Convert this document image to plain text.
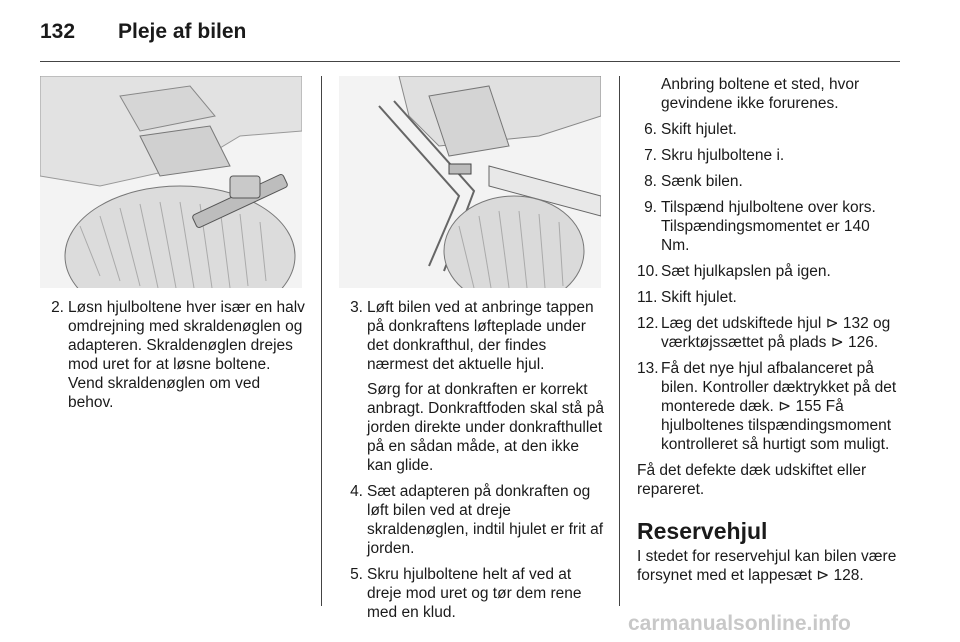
132 Pleje af bilen
2. Løsn hjulboltene hver især en halv omdrejning med skraldenøglen og adapteren. Skraldenøglen drejes mod uret for at løsne boltene. Vend skraldenøglen om ved behov.
3. Løft bilen ved at anbringe tappen på donkraftens løfteplade under det donkrafthul, der findes nærmest det aktuelle hjul.
Sørg for at donkraften er korrekt anbragt. Donkraftfoden skal stå på jorden direkte under donkrafthullet på en sådan måde, at den ikke kan glide.
4. Sæt adapteren på donkraften og løft bilen ved at dreje skraldenøglen, indtil hjulet er frit af jorden.
5. Skru hjulboltene helt af ved at dreje mod uret og tør dem rene med en klud.
Anbring boltene et sted, hvor gevindene ikke forurenes.
6. Skift hjulet.
7. Skru hjulboltene i.
8. Sænk bilen.
9. Tilspænd hjulboltene over kors. Tilspændingsmomentet er 140 Nm.
10. Sæt hjulkapslen på igen.
11. Skift hjulet.
12. Læg det udskiftede hjul ⊳ 132 og værktøjssættet på plads ⊳ 126.
13. Få det nye hjul afbalanceret på bilen. Kontroller dæktrykket på det monterede dæk. ⊳ 155 Få hjulboltenes tilspændingsmoment kontrolleret så hurtigt som muligt.
Få det defekte dæk udskiftet eller repareret.
Reservehjul
I stedet for reservehjul kan bilen være forsynet med et lappesæt ⊳ 128.
carmanualsonline.info
